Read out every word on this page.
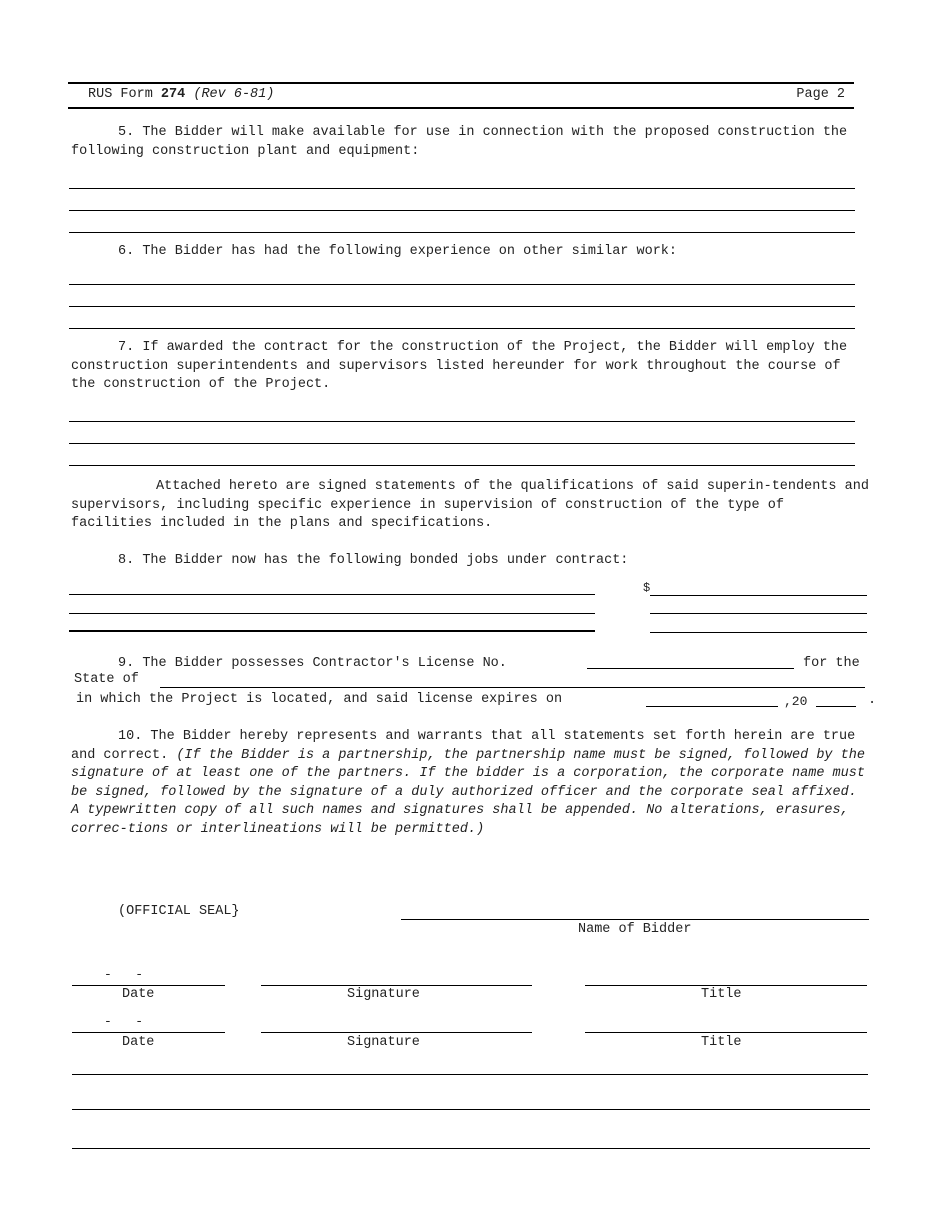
RUS Form 274 (Rev 6-81)	Page 2
5. The Bidder will make available for use in connection with the proposed construction the following construction plant and equipment:
6. The Bidder has had the following experience on other similar work:
7. If awarded the contract for the construction of the Project, the Bidder will employ the construction superintendents and supervisors listed hereunder for work throughout the course of the construction of the Project.
Attached hereto are signed statements of the qualifications of said superin-tendents and supervisors, including specific experience in supervision of construction of the type of facilities included in the plans and specifications.
8. The Bidder now has the following bonded jobs under contract:
$
9. The Bidder possesses Contractor's License No.	for the
State of
in which the Project is located, and said license expires on	,20	.
10. The Bidder hereby represents and warrants that all statements set forth herein are true and correct. (If the Bidder is a partnership, the partnership name must be signed, followed by the signature of at least one of the partners. If the bidder is a corporation, the corporate name must be signed, followed by the signature of a duly authorized officer and the corporate seal affixed. A typewritten copy of all such names and signatures shall be appended. No alterations, erasures, correc-tions or interlineations will be permitted.)
(OFFICIAL SEAL}
Name of Bidder
-   -
Date	Signature	Title
-   -
Date	Signature	Title
